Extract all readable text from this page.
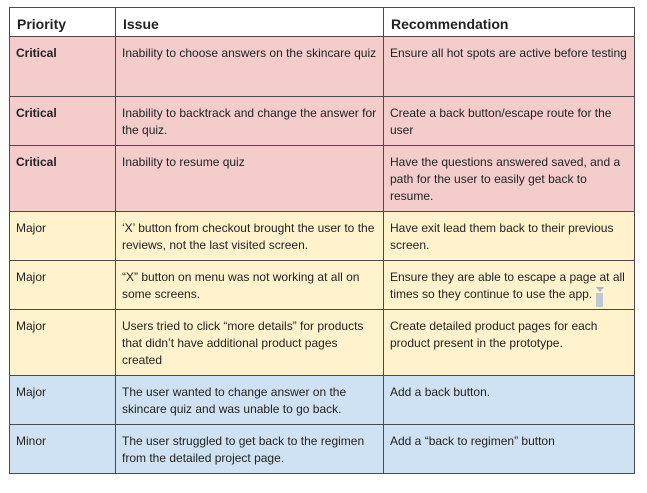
Priority	Issue	Recommendation
Critical	Inability to choose answers on the skincare quiz	Ensure all hot spots are active before testing
Critical	Inability to backtrack and change the answer for the quiz.	Create a back button/escape route for the user
Critical	Inability to resume quiz	Have the questions answered saved, and a path for the user to easily get back to resume.
Major	‘X’ button from checkout brought the user to the reviews, not the last visited screen.	Have exit lead them back to their previous screen.
Major	“X” button on menu was not working at all on some screens.	Ensure they are able to escape a page at all times so they continue to use the app.
Major	Users tried to click “more details” for products that didn’t have additional product pages created	Create detailed product pages for each product present in the prototype.
Major	The user wanted to change answer on the skincare quiz and was unable to go back.	Add a back button.
Minor	The user struggled to get back to the regimen from the detailed project page.	Add a “back to regimen” button
